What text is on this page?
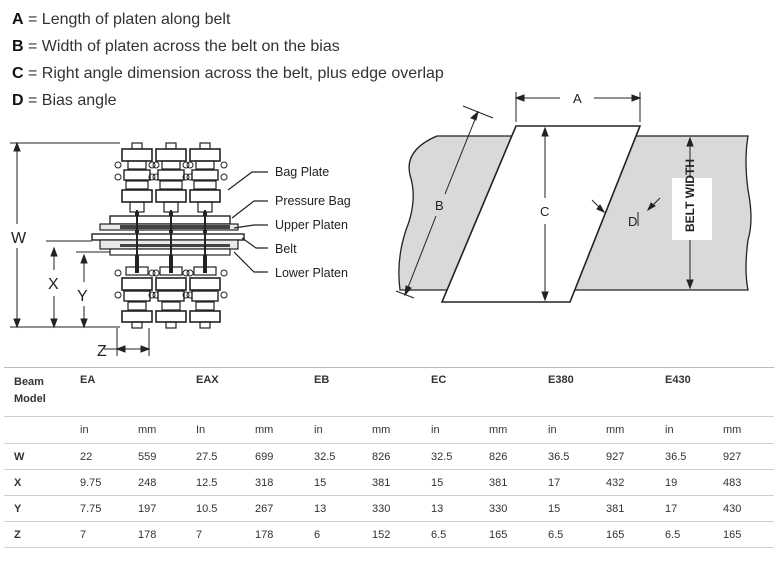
A = Length of platen along belt
B = Width of platen across the belt on the bias
C = Right angle dimension across the belt, plus edge overlap
D = Bias angle
Bag Plate
Pressure Bag
Upper Platen
Belt
Lower Platen
W
X
Y
Z
A
B	C
D	BELT WIDTH
Beam
Model	EA		EAX		EB		EC		E380		E430	
	in	mm	In	mm	in	mm	in	mm	in	mm	in	mm
W	22	559	27.5	699	32.5	826	32.5	826	36.5	927	36.5	927
X	9.75	248	12.5	318	15	381	15	381	17	432	19	483
Y	7.75	197	10.5	267	13	330	13	330	15	381	17	430
Z	7	178	7	178	6	152	6.5	165	6.5	165	6.5	165
